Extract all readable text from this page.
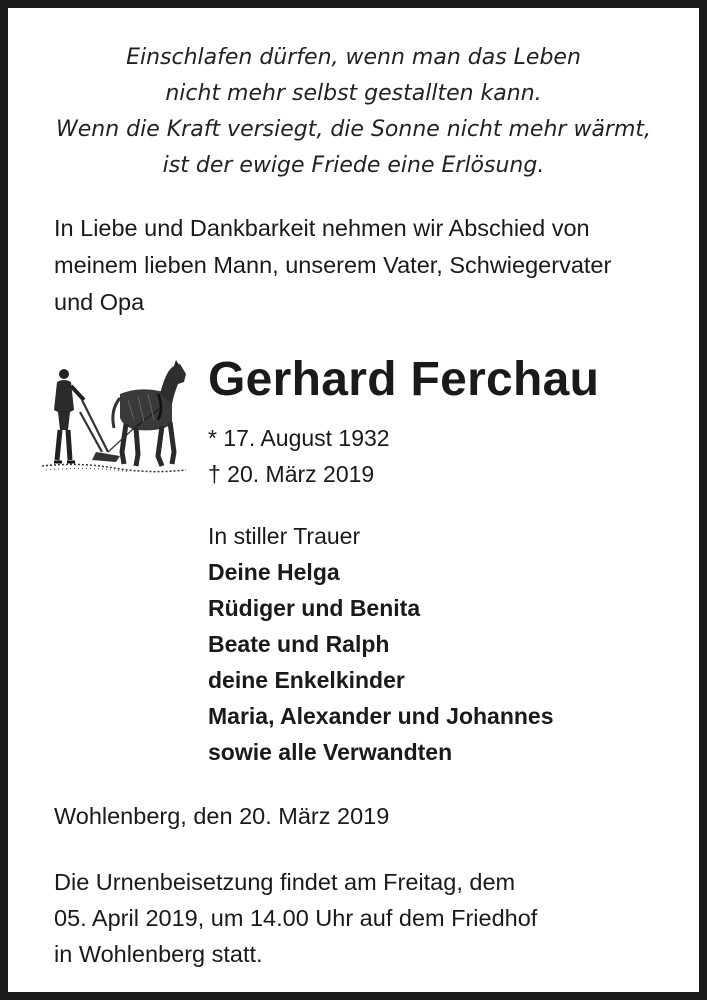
Einschlafen dürfen, wenn man das Leben
nicht mehr selbst gestallten kann.
Wenn die Kraft versiegt, die Sonne nicht mehr wärmt,
ist der ewige Friede eine Erlösung.
In Liebe und Dankbarkeit nehmen wir Abschied von
meinem lieben Mann, unserem Vater, Schwiegervater
und Opa
Gerhard Ferchau
* 17. August 1932
† 20. März 2019
In stiller Trauer
Deine Helga
Rüdiger und Benita
Beate und Ralph
deine Enkelkinder
Maria, Alexander und Johannes
sowie alle Verwandten
Wohlenberg, den 20. März 2019
Die Urnenbeisetzung findet am Freitag, dem
05. April 2019, um 14.00 Uhr auf dem Friedhof
in Wohlenberg statt.
